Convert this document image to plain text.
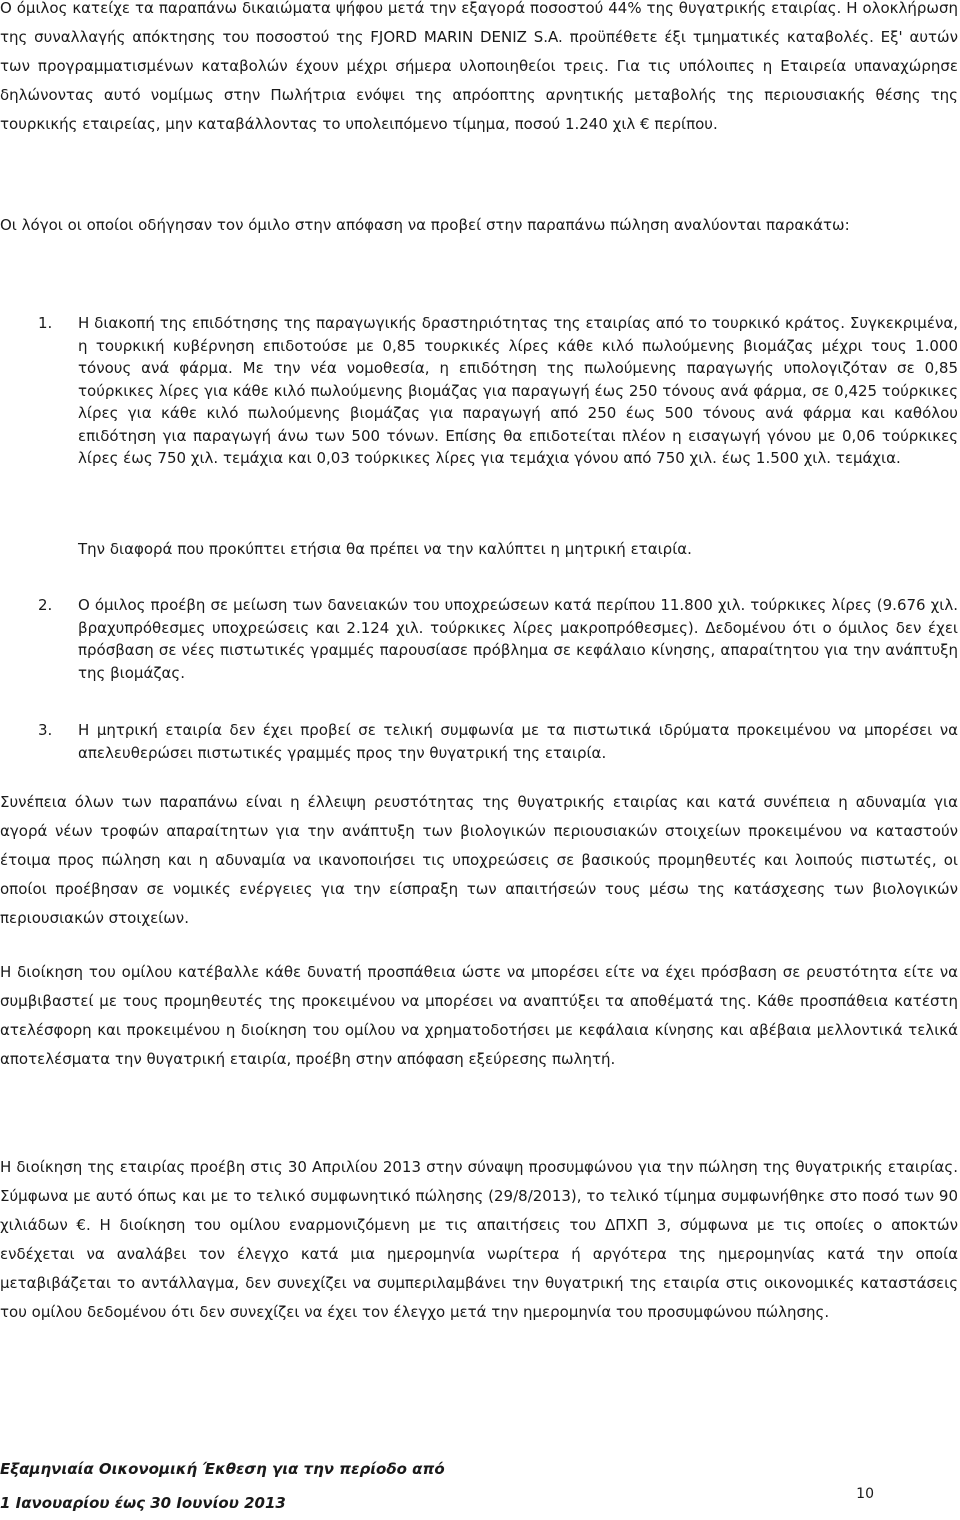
Ο όμιλος κατείχε τα παραπάνω δικαιώματα ψήφου μετά την εξαγορά ποσοστού 44% της θυγατρικής εταιρίας. Η ολοκλήρωση της συναλλαγής απόκτησης του ποσοστού της FJORD MARIN DENIZ S.A. προϋπέθετε έξι τμηματικές καταβολές. Εξ' αυτών των προγραμματισμένων καταβολών έχουν μέχρι σήμερα υλοποιηθείοι τρεις. Για τις υπόλοιπες η Εταιρεία υπαναχώρησε δηλώνοντας αυτό νομίμως στην Πωλήτρια ενόψει της απρόοπτης αρνητικής μεταβολής της περιουσιακής θέσης της τουρκικής εταιρείας, μην καταβάλλοντας το υπολειπόμενο τίμημα, ποσού 1.240 χιλ € περίπου.

Οι λόγοι οι οποίοι οδήγησαν τον όμιλο στην απόφαση να προβεί στην παραπάνω πώληση αναλύονται παρακάτω:

1. Η διακοπή της επιδότησης της παραγωγικής δραστηριότητας της εταιρίας από το τουρκικό κράτος. Συγκεκριμένα, η τουρκική κυβέρνηση επιδοτούσε με 0,85 τουρκικές λίρες κάθε κιλό πωλούμενης βιομάζας μέχρι τους 1.000 τόνους ανά φάρμα. Με την νέα νομοθεσία, η επιδότηση της πωλούμενης παραγωγής υπολογιζόταν σε 0,85 τούρκικες λίρες για κάθε κιλό πωλούμενης βιομάζας για παραγωγή έως 250 τόνους ανά φάρμα, σε 0,425 τούρκικες λίρες για κάθε κιλό πωλούμενης βιομάζας για παραγωγή από 250 έως 500 τόνους ανά φάρμα και καθόλου επιδότηση για παραγωγή άνω των 500 τόνων. Επίσης θα επιδοτείται πλέον η εισαγωγή γόνου με 0,06 τούρκικες λίρες έως 750 χιλ. τεμάχια και 0,03 τούρκικες λίρες για τεμάχια γόνου από 750 χιλ. έως 1.500 χιλ. τεμάχια.

Την διαφορά που προκύπτει ετήσια θα πρέπει να την καλύπτει η μητρική εταιρία.

2. Ο όμιλος προέβη σε μείωση των δανειακών του υποχρεώσεων κατά περίπου 11.800 χιλ. τούρκικες λίρες (9.676 χιλ. βραχυπρόθεσμες υποχρεώσεις και 2.124 χιλ. τούρκικες λίρες μακροπρόθεσμες). Δεδομένου ότι ο όμιλος δεν έχει πρόσβαση σε νέες πιστωτικές γραμμές παρουσίασε πρόβλημα σε κεφάλαιο κίνησης, απαραίτητου για την ανάπτυξη της βιομάζας.

3. Η μητρική εταιρία δεν έχει προβεί σε τελική συμφωνία με τα πιστωτικά ιδρύματα προκειμένου να μπορέσει να απελευθερώσει πιστωτικές γραμμές προς την θυγατρική της εταιρία.

Συνέπεια όλων των παραπάνω είναι η έλλειψη ρευστότητας της θυγατρικής εταιρίας και κατά συνέπεια η αδυναμία για αγορά νέων τροφών απαραίτητων για την ανάπτυξη των βιολογικών περιουσιακών στοιχείων προκειμένου να καταστούν έτοιμα προς πώληση και η αδυναμία να ικανοποιήσει τις υποχρεώσεις σε βασικούς προμηθευτές και λοιπούς πιστωτές, οι οποίοι προέβησαν σε νομικές ενέργειες για την είσπραξη των απαιτήσεών τους μέσω της κατάσχεσης των βιολογικών περιουσιακών στοιχείων.

Η διοίκηση του ομίλου κατέβαλλε κάθε δυνατή προσπάθεια ώστε να μπορέσει είτε να έχει πρόσβαση σε ρευστότητα είτε να συμβιβαστεί με τους προμηθευτές της προκειμένου να μπορέσει να αναπτύξει τα αποθέματά της. Κάθε προσπάθεια κατέστη ατελέσφορη και προκειμένου η διοίκηση του ομίλου να χρηματοδοτήσει με κεφάλαια κίνησης και αβέβαια μελλοντικά τελικά αποτελέσματα την θυγατρική εταιρία, προέβη στην απόφαση εξεύρεσης πωλητή.

Η διοίκηση της εταιρίας προέβη στις 30 Απριλίου 2013 στην σύναψη προσυμφώνου για την πώληση της θυγατρικής εταιρίας. Σύμφωνα με αυτό όπως και με το τελικό συμφωνητικό πώλησης (29/8/2013), το τελικό τίμημα συμφωνήθηκε στο ποσό των 90 χιλιάδων €. Η διοίκηση του ομίλου εναρμονιζόμενη με τις απαιτήσεις του ΔΠΧΠ 3, σύμφωνα με τις οποίες ο αποκτών ενδέχεται να αναλάβει τον έλεγχο κατά μια ημερομηνία νωρίτερα ή αργότερα της ημερομηνίας κατά την οποία μεταβιβάζεται το αντάλλαγμα, δεν συνεχίζει να συμπεριλαμβάνει την θυγατρική της εταιρία στις οικονομικές καταστάσεις του ομίλου δεδομένου ότι δεν συνεχίζει να έχει τον έλεγχο μετά την ημερομηνία του προσυμφώνου πώλησης.

Εξαμηνιαία Οικονομική Έκθεση για την περίοδο από
1 Ιανουαρίου έως 30 Ιουνίου 2013	10
